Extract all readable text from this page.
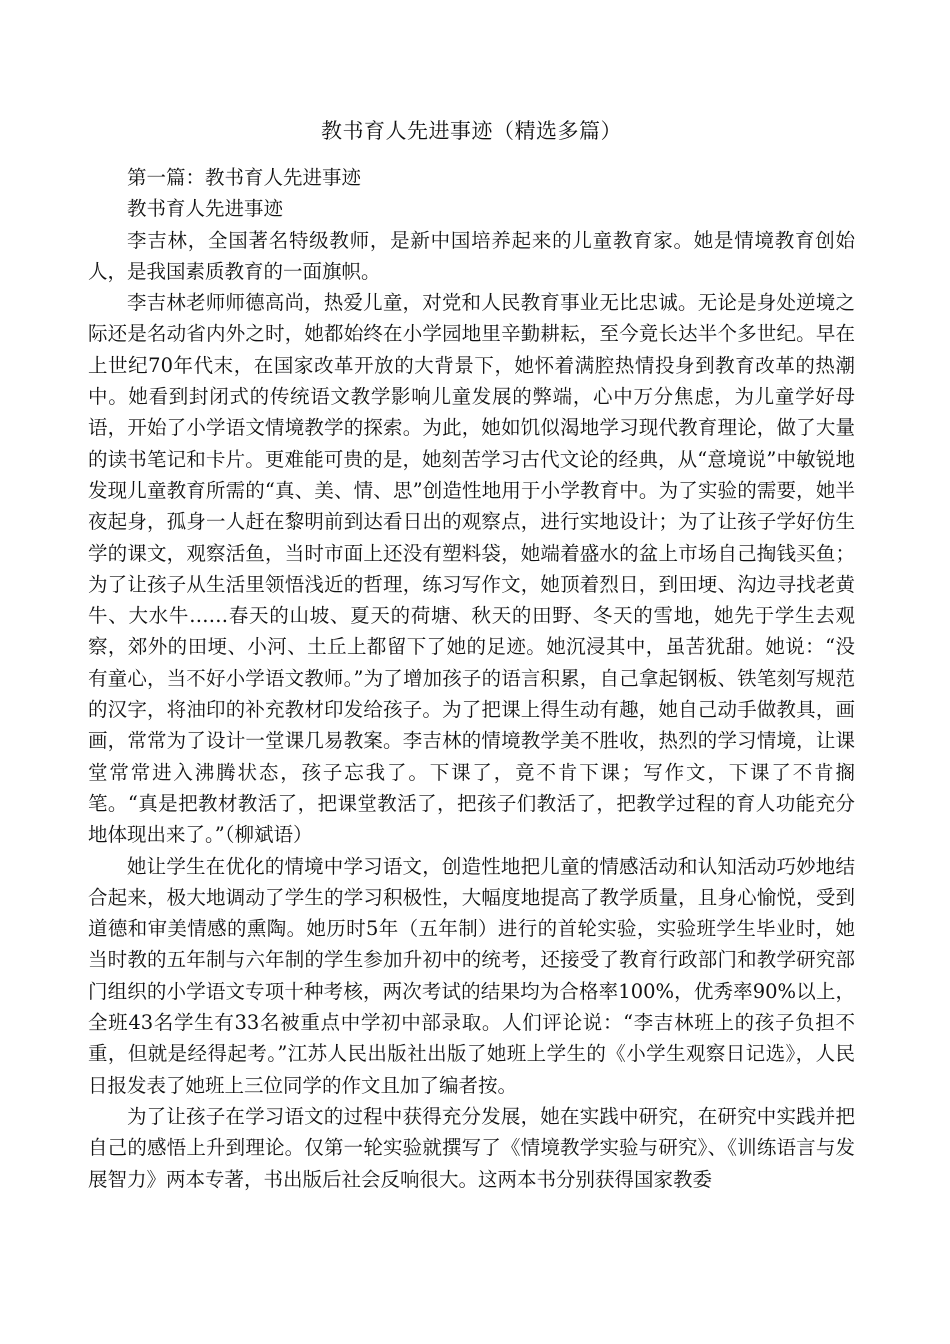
教书育人先进事迹（精选多篇）

第一篇：教书育人先进事迹

教书育人先进事迹

李吉林，全国著名特级教师，是新中国培养起来的儿童教育家。她是情境教育创始人，是我国素质教育的一面旗帜。

李吉林老师师德高尚，热爱儿童，对党和人民教育事业无比忠诚。无论是身处逆境之际还是名动省内外之时，她都始终在小学园地里辛勤耕耘，至今竟长达半个多世纪。早在上世纪70年代末，在国家改革开放的大背景下，她怀着满腔热情投身到教育改革的热潮中。她看到封闭式的传统语文教学影响儿童发展的弊端，心中万分焦虑，为儿童学好母语，开始了小学语文情境教学的探索。为此，她如饥似渴地学习现代教育理论，做了大量的读书笔记和卡片。更难能可贵的是，她刻苦学习古代文论的经典，从“意境说”中敏锐地发现儿童教育所需的“真、美、情、思”创造性地用于小学教育中。为了实验的需要，她半夜起身，孤身一人赶在黎明前到达看日出的观察点，进行实地设计；为了让孩子学好仿生学的课文，观察活鱼，当时市面上还没有塑料袋，她端着盛水的盆上市场自己掏钱买鱼；为了让孩子从生活里领悟浅近的哲理，练习写作文，她顶着烈日，到田埂、沟边寻找老黄牛、大水牛……春天的山坡、夏天的荷塘、秋天的田野、冬天的雪地，她先于学生去观察，郊外的田埂、小河、土丘上都留下了她的足迹。她沉浸其中，虽苦犹甜。她说：“没有童心，当不好小学语文教师。”为了增加孩子的语言积累，自己拿起钢板、铁笔刻写规范的汉字，将油印的补充教材印发给孩子。为了把课上得生动有趣，她自己动手做教具，画画，常常为了设计一堂课几易教案。李吉林的情境教学美不胜收，热烈的学习情境，让课堂常常进入沸腾状态，孩子忘我了。下课了，竟不肯下课；写作文，下课了不肯搁笔。“真是把教材教活了，把课堂教活了，把孩子们教活了，把教学过程的育人功能充分地体现出来了。”（柳斌语）

她让学生在优化的情境中学习语文，创造性地把儿童的情感活动和认知活动巧妙地结合起来，极大地调动了学生的学习积极性，大幅度地提高了教学质量，且身心愉悦，受到道德和审美情感的熏陶。她历时5年（五年制）进行的首轮实验，实验班学生毕业时，她当时教的五年制与六年制的学生参加升初中的统考，还接受了教育行政部门和教学研究部门组织的小学语文专项十种考核，两次考试的结果均为合格率100%，优秀率90%以上，全班43名学生有33名被重点中学初中部录取。人们评论说：“李吉林班上的孩子负担不重，但就是经得起考。”江苏人民出版社出版了她班上学生的《小学生观察日记选》，人民日报发表了她班上三位同学的作文且加了编者按。

为了让孩子在学习语文的过程中获得充分发展，她在实践中研究，在研究中实践并把自己的感悟上升到理论。仅第一轮实验就撰写了《情境教学实验与研究》、《训练语言与发展智力》两本专著，书出版后社会反响很大。这两本书分别获得国家教委
